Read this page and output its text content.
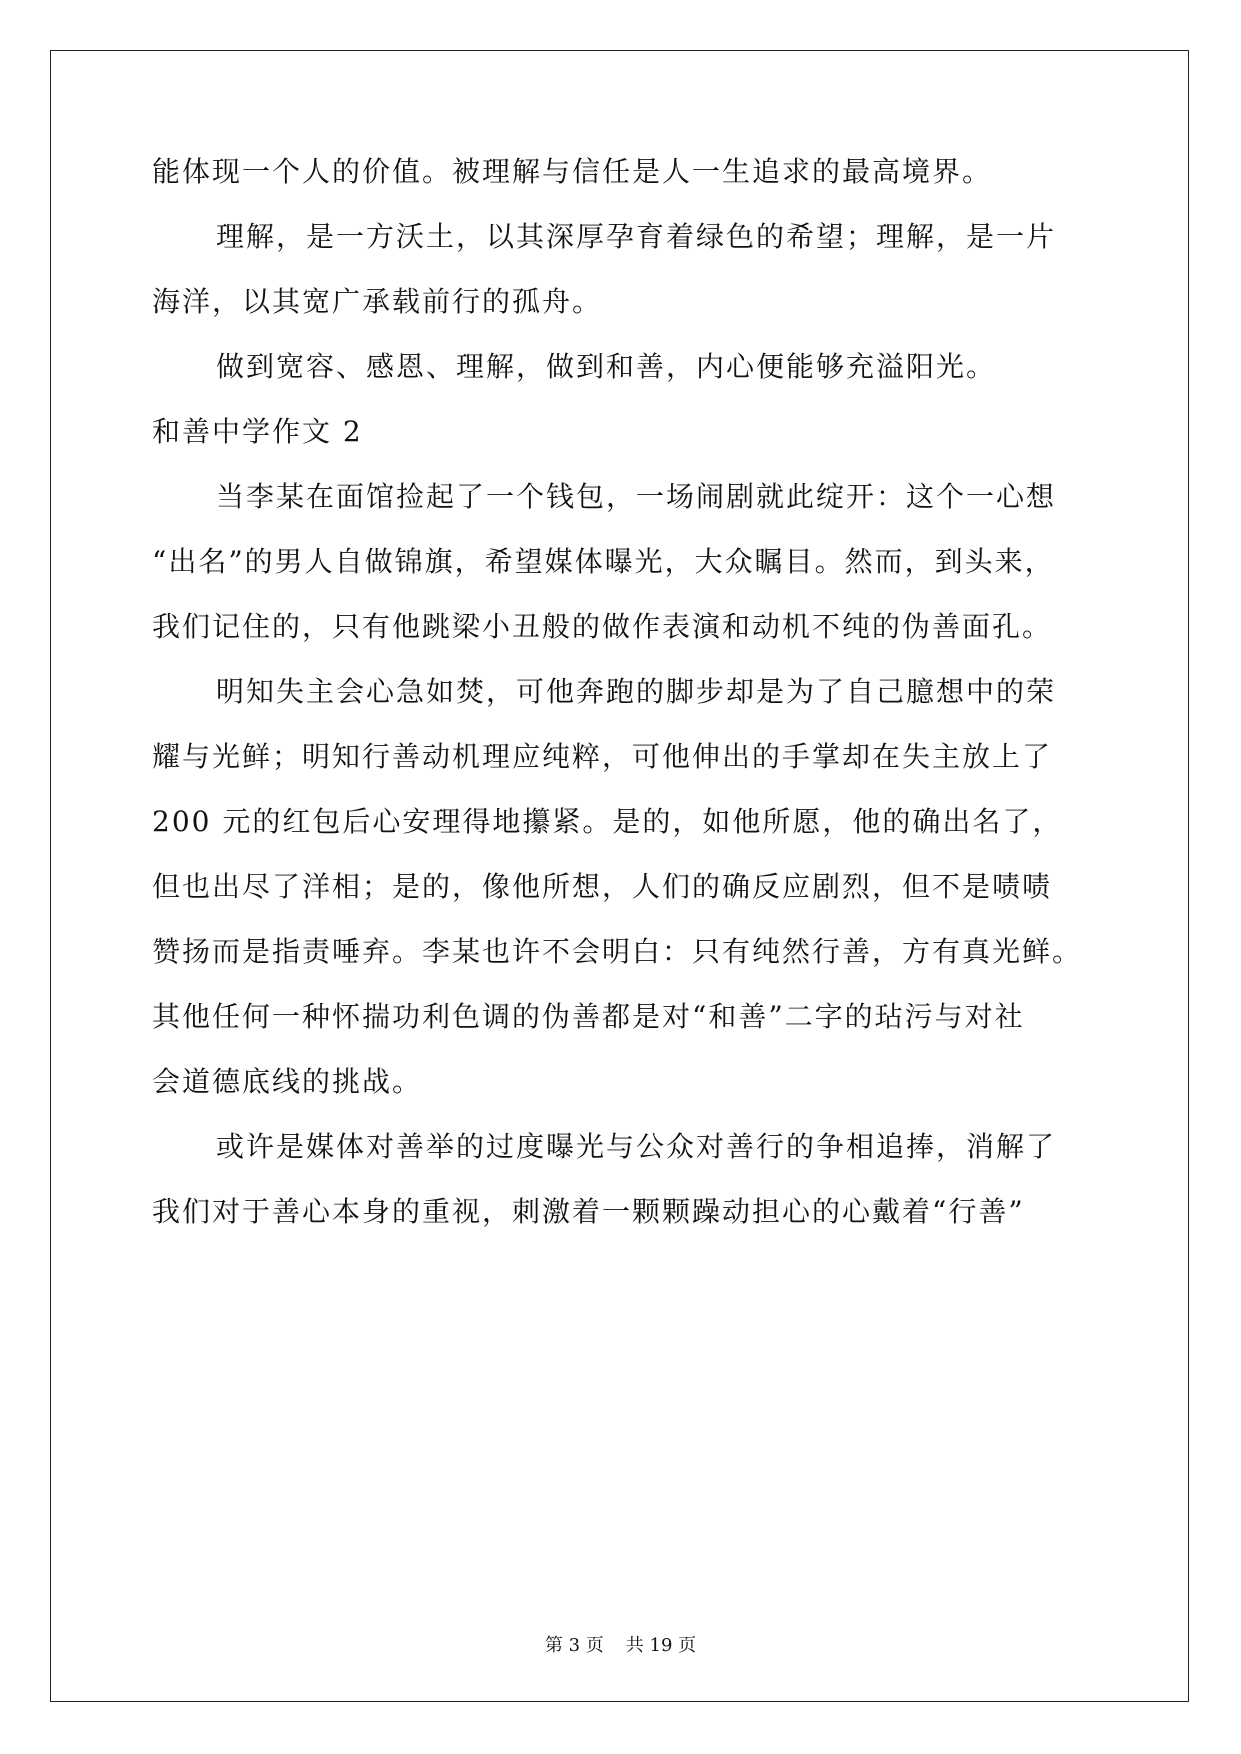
能体现一个人的价值。被理解与信任是人一生追求的最高境界。
理解，是一方沃土，以其深厚孕育着绿色的希望；理解，是一片
海洋，以其宽广承载前行的孤舟。
做到宽容、感恩、理解，做到和善，内心便能够充溢阳光。
和善中学作文 2
当李某在面馆捡起了一个钱包，一场闹剧就此绽开：这个一心想
“出名”的男人自做锦旗，希望媒体曝光，大众瞩目。然而，到头来，
我们记住的，只有他跳梁小丑般的做作表演和动机不纯的伪善面孔。
明知失主会心急如焚，可他奔跑的脚步却是为了自己臆想中的荣
耀与光鲜；明知行善动机理应纯粹，可他伸出的手掌却在失主放上了
200 元的红包后心安理得地攥紧。是的，如他所愿，他的确出名了，
但也出尽了洋相；是的，像他所想，人们的确反应剧烈，但不是啧啧
赞扬而是指责唾弃。李某也许不会明白：只有纯然行善，方有真光鲜。
其他任何一种怀揣功利色调的伪善都是对“和善”二字的玷污与对社
会道德底线的挑战。
或许是媒体对善举的过度曝光与公众对善行的争相追捧，消解了
我们对于善心本身的重视，刺激着一颗颗躁动担心的心戴着“行善”
第 3 页 共 19 页
